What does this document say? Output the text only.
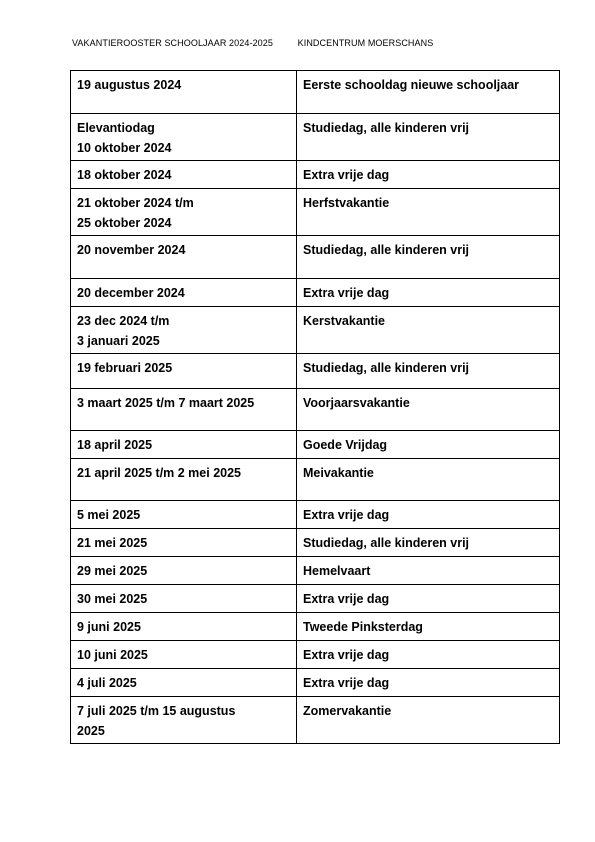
VAKANTIEROOSTER SCHOOLJAAR 2024-2025	KINDCENTRUM MOERSCHANS
19 augustus 2024	Eerste schooldag nieuwe schooljaar

Elevantiodag
10 oktober 2024	Studiedag, alle kinderen vrij

18 oktober 2024	Extra vrije dag

21 oktober 2024 t/m
25 oktober 2024	Herfstvakantie

20 november 2024	Studiedag, alle kinderen vrij

20 december 2024	Extra vrije dag

23 dec 2024 t/m
3 januari 2025	Kerstvakantie

19 februari 2025	Studiedag, alle kinderen vrij

3 maart 2025 t/m 7 maart 2025	Voorjaarsvakantie

18 april 2025	Goede Vrijdag

21 april 2025 t/m 2 mei 2025	Meivakantie

5 mei 2025	Extra vrije dag

21 mei 2025	Studiedag, alle kinderen vrij

29 mei 2025	Hemelvaart

30 mei 2025	Extra vrije dag

9 juni 2025	Tweede Pinksterdag

10 juni 2025	Extra vrije dag

4 juli 2025	Extra vrije dag

7 juli 2025 t/m 15 augustus
2025	Zomervakantie
